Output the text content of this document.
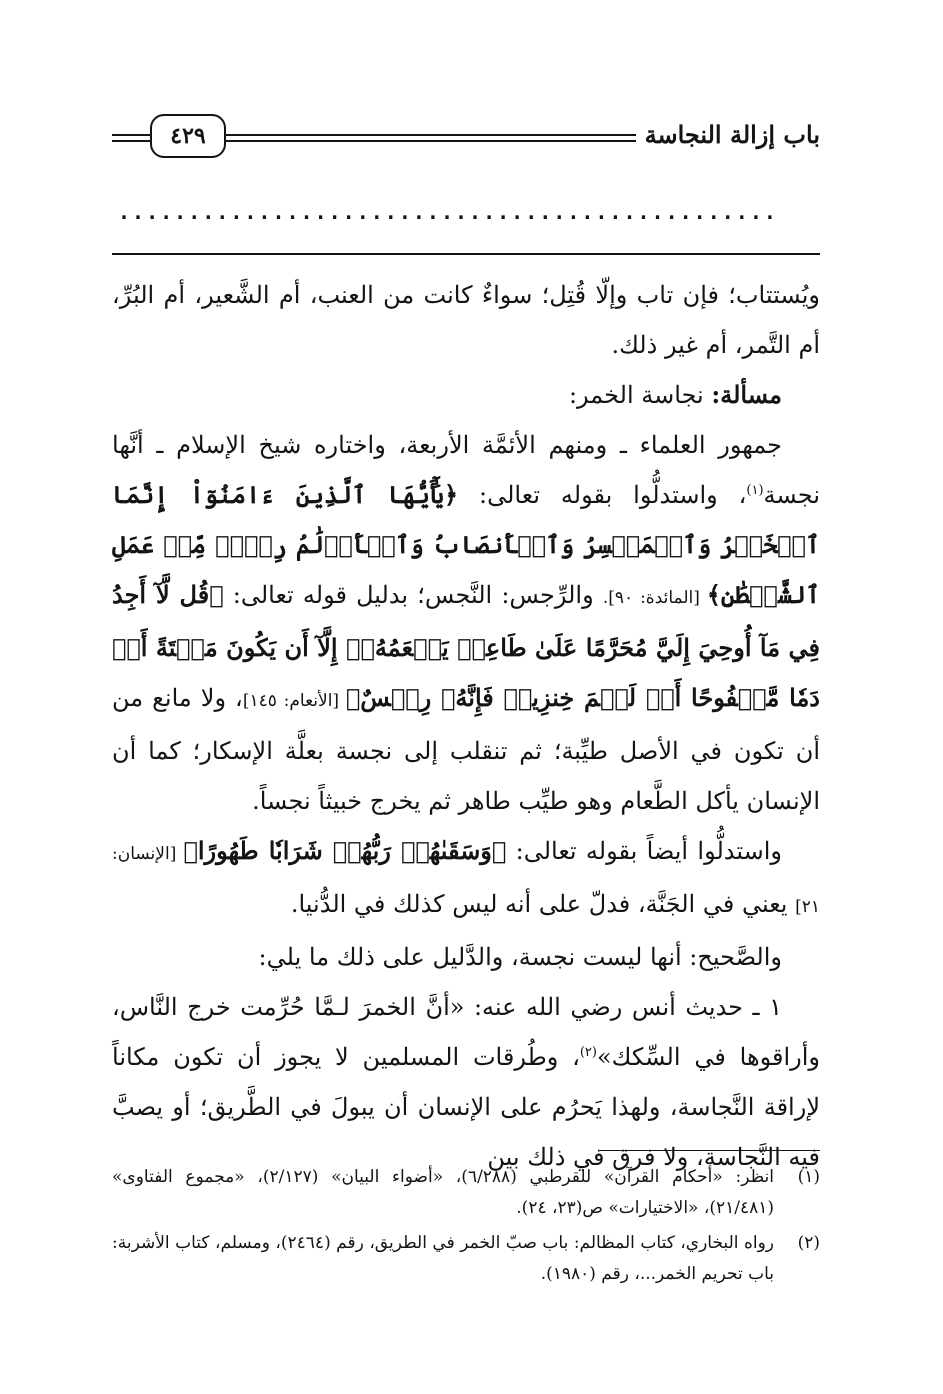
٤٢٩	باب إزالة النجاسة
...............................................

ويُستتاب؛ فإن تاب وإلّا قُتِل؛ سواءٌ كانت من العنب، أم الشَّعير، أم البُرِّ، أم التَّمر، أم غير ذلك.

مسألة: نجاسة الخمر:

جمهور العلماء ـ ومنهم الأئمَّة الأربعة، واختاره شيخ الإسلام ـ أنَّها نجسة$^{(١)}$، واستدلُّوا بقوله تعالى: ﴿يَٰٓأَيُّهَا ٱلَّذِينَ ءَامَنُوٓاْ إِنَّمَا ٱلۡخَمۡرُ وَٱلۡمَيۡسِرُ وَٱلۡأَنصَابُ وَٱلۡأَزۡلَٰمُ رِجۡسٞ مِّنۡ عَمَلِ ٱلشَّيۡطَٰنِ﴾ [المائدة: ٩٠]. والرِّجس: النَّجس؛ بدليل قوله تعالى: ﴿قُل لَّآ أَجِدُ فِي مَآ أُوحِيَ إِلَيَّ مُحَرَّمًا عَلَىٰ طَاعِمٖ يَطۡعَمُهُۥٓ إِلَّآ أَن يَكُونَ مَيۡتَةً أَوۡ دَمٗا مَّسۡفُوحًا أَوۡ لَحۡمَ خِنزِيرٖ فَإِنَّهُۥ رِجۡسٌ﴾ [الأنعام: ١٤٥]، ولا مانع من أن تكون في الأصل طيِّبة؛ ثم تنقلب إلى نجسة بعلَّة الإسكار؛ كما أن الإنسان يأكل الطَّعام وهو طيِّب طاهر ثم يخرج خبيثاً نجساً.

واستدلُّوا أيضاً بقوله تعالى: ﴿وَسَقَىٰهُمۡ رَبُّهُمۡ شَرَابٗا طَهُورًا﴾ [الإنسان: ٢١] يعني في الجَنَّة، فدلّ على أنه ليس كذلك في الدُّنيا.

والصَّحيح: أنها ليست نجسة، والدَّليل على ذلك ما يلي:

١ ـ حديث أنس رضي الله عنه: «أنَّ الخمرَ لـمَّا حُرِّمت خرج النَّاس، وأراقوها في السِّكك»$^{(٢)}$، وطُرقات المسلمين لا يجوز أن تكون مكاناً لإراقة النَّجاسة، ولهذا يَحرُم على الإنسان أن يبولَ في الطَّريق؛ أو يصبَّ فيه النَّجاسة، ولا فرق في ذلك بين

(١)
انظر: «أحكام القرآن» للقرطبي (٦/٢٨٨)، «أضواء البيان» (٢/١٢٧)، «مجموع الفتاوى» (٢١/٤٨١)، «الاختيارات» ص(٢٣، ٢٤).
(٢)
رواه البخاري، كتاب المظالم: باب صبّ الخمر في الطريق، رقم (٢٤٦٤)، ومسلم، كتاب الأشربة: باب تحريم الخمر...، رقم (١٩٨٠).
